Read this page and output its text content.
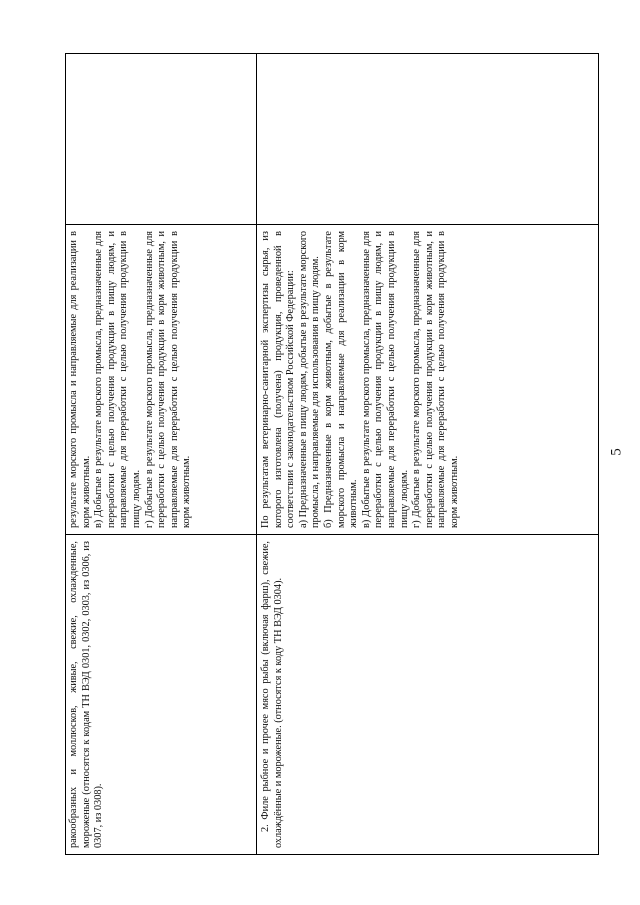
5

ракообразных и моллюсков, живые, свежие, охлажденные, мороженые (относятся к кодам ТН ВЭД 0301, 0302, 0303, из 0306, из 0307, из 0308).	2. Филе рыбное и прочее мясо рыбы (включая фарш), свежие, охлаждённые и мороженые. (относятся к коду ТН ВЭД 0304).

результате морского промысла и направляемые для реализации в корм животным. в) Добытые в результате морского промысла, предназначенные для переработки с целью получения продукции в пищу людям, и направляемые для переработки с целью получения продукции в пищу людям. г) Добытые в результате морского промысла, предназначенные для переработки с целью получения продукции в корм животным, и направляемые для переработки с целью получения продукции в корм животным.	По результатам ветеринарно-санитарной экспертизы сырья, из которого изготовлена (получена) продукция, проведенной в соответствии с законодательством Российской Федерации: а) Предназначенные в пищу людям, добытые в результате морского промысла, и направляемые для использования в пищу людям. б) Предназначенные в корм животным, добытые в результате морского промысла и направляемые для реализации в корм животным. в) Добытые в результате морского промысла, предназначенные для переработки с целью получения продукции в пищу людям, и направляемые для переработки с целью получения продукции в пищу людям. г) Добытые в результате морского промысла, предназначенные для переработки с целью получения продукции в корм животным, и направляемые для переработки с целью получения продукции в корм животным.
